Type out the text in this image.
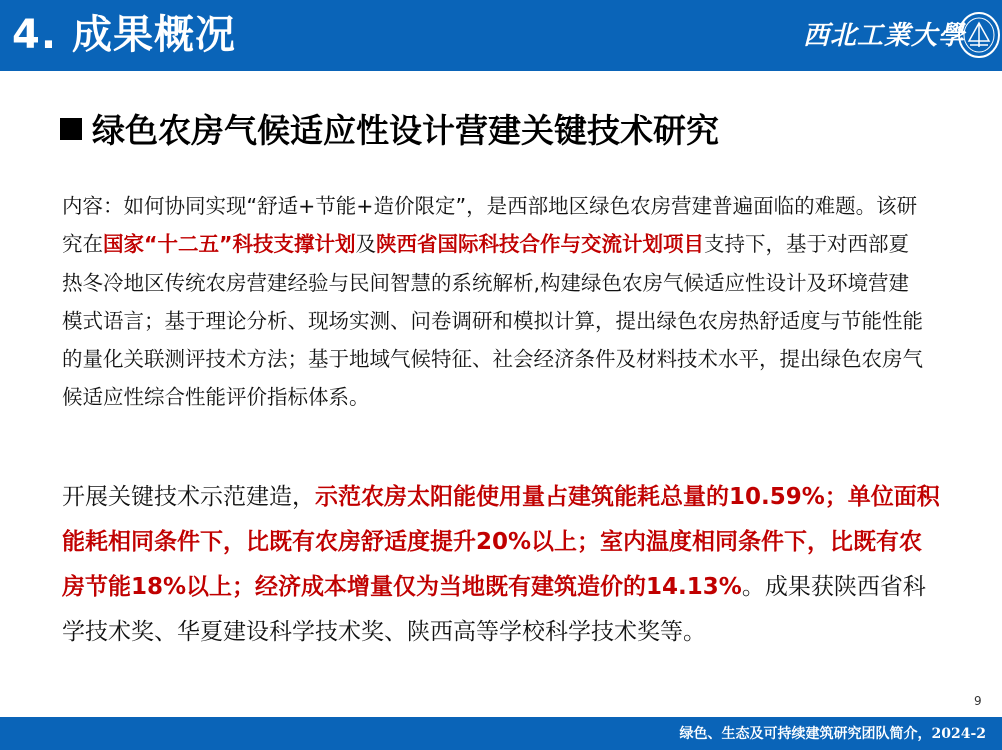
4. 成果概况	西北工業大學
绿色农房气候适应性设计营建关键技术研究
内容：如何协同实现“舒适+节能+造价限定”，是西部地区绿色农房营建普遍面临的难题。该研究在国家“十二五”科技支撑计划及陕西省国际科技合作与交流计划项目支持下，基于对西部夏热冬冷地区传统农房营建经验与民间智慧的系统解析,构建绿色农房气候适应性设计及环境营建模式语言；基于理论分析、现场实测、问卷调研和模拟计算，提出绿色农房热舒适度与节能性能的量化关联测评技术方法；基于地域气候特征、社会经济条件及材料技术水平，提出绿色农房气候适应性综合性能评价指标体系。
开展关键技术示范建造，示范农房太阳能使用量占建筑能耗总量的10.59%；单位面积能耗相同条件下，比既有农房舒适度提升20%以上；室内温度相同条件下，比既有农房节能18%以上；经济成本增量仅为当地既有建筑造价的14.13%。成果获陕西省科学技术奖、华夏建设科学技术奖、陕西高等学校科学技术奖等。
9
绿色、生态及可持续建筑研究团队简介，2024-2
